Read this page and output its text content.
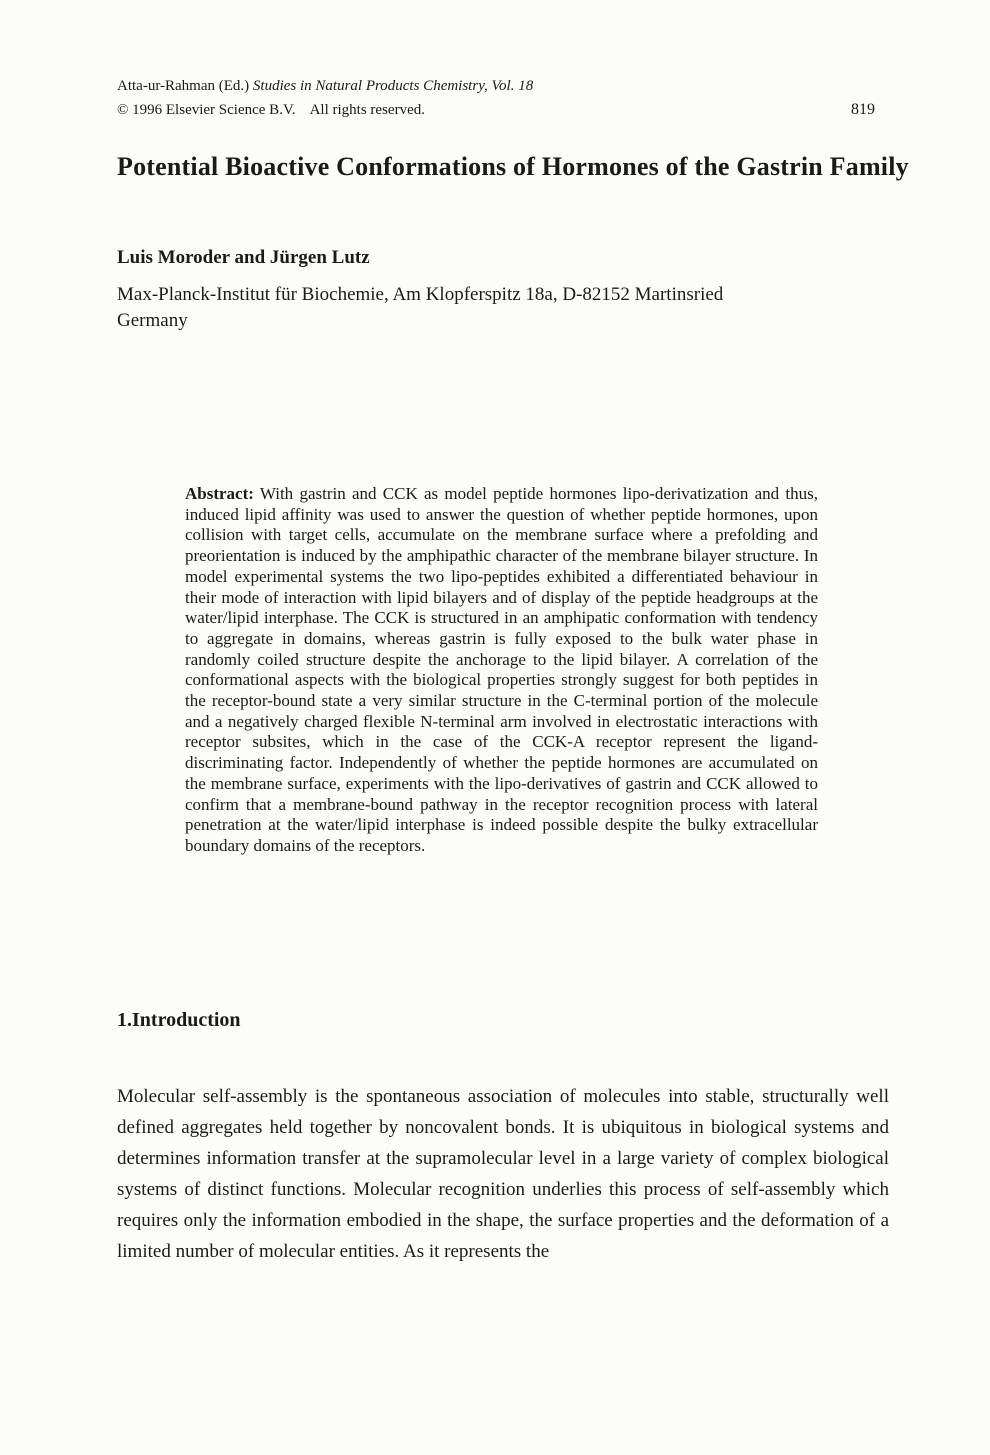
Atta-ur-Rahman (Ed.) Studies in Natural Products Chemistry, Vol. 18
© 1996 Elsevier Science B.V. All rights reserved.	819
Potential Bioactive Conformations of Hormones of the Gastrin Family
Luis Moroder and Jürgen Lutz
Max-Planck-Institut für Biochemie, Am Klopferspitz 18a, D-82152 Martinsried
Germany

Abstract: With gastrin and CCK as model peptide hormones lipo-derivatization and thus, induced lipid affinity was used to answer the question of whether peptide hormones, upon collision with target cells, accumulate on the membrane surface where a prefolding and preorientation is induced by the amphipathic character of the membrane bilayer structure. In model experimental systems the two lipo-peptides exhibited a differentiated behaviour in their mode of interaction with lipid bilayers and of display of the peptide headgroups at the water/lipid interphase. The CCK is structured in an amphipatic conformation with tendency to aggregate in domains, whereas gastrin is fully exposed to the bulk water phase in randomly coiled structure despite the anchorage to the lipid bilayer. A correlation of the conformational aspects with the biological properties strongly suggest for both peptides in the receptor-bound state a very similar structure in the C-terminal portion of the molecule and a negatively charged flexible N-terminal arm involved in electrostatic interactions with receptor subsites, which in the case of the CCK-A receptor represent the ligand-discriminating factor. Independently of whether the peptide hormones are accumulated on the membrane surface, experiments with the lipo-derivatives of gastrin and CCK allowed to confirm that a membrane-bound pathway in the receptor recognition process with lateral penetration at the water/lipid interphase is indeed possible despite the bulky extracellular boundary domains of the receptors.

1.Introduction

Molecular self-assembly is the spontaneous association of molecules into stable, structurally well defined aggregates held together by noncovalent bonds. It is ubiquitous in biological systems and determines information transfer at the supramolecular level in a large variety of complex biological systems of distinct functions. Molecular recognition underlies this process of self-assembly which requires only the information embodied in the shape, the surface properties and the deformation of a limited number of molecular entities. As it represents the
